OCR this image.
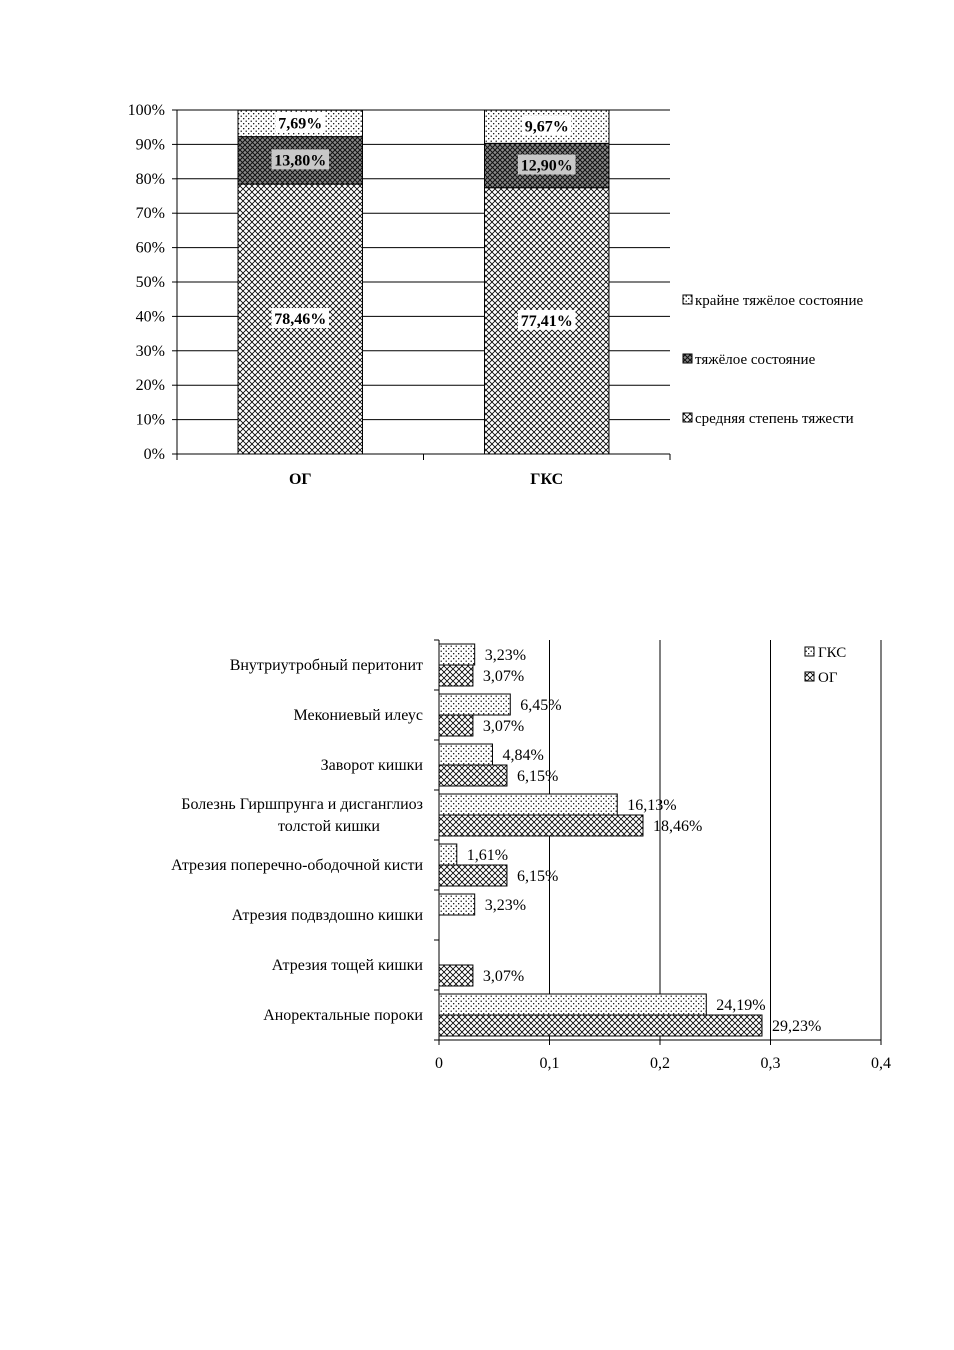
78,46%
13,80%
7,69%
77,41%
12,90%
9,67%
0%
10%
20%
30%
40%
50%
60%
70%
80%
90%
100%
ОГ	ГКС
крайне тяжёлое состояние
тяжёлое состояние
средняя степень тяжести
3,23%
3,07%
6,45%
3,07%
4,84%
6,15%
16,13%
18,46%
1,61%
6,15%
3,23%
3,07%
24,19%
29,23%
0	0,1	0,2	0,3	0,4
Внутриутробный перитонит
Мекониевый илеус
Заворот кишки
Болезнь Гиршпрунга и дисганглиоз толстой кишки
Атрезия поперечно-ободочной кисти
Атрезия подвздошно кишки
Атрезия тощей кишки
Аноректальные пороки
ГКС
ОГ
